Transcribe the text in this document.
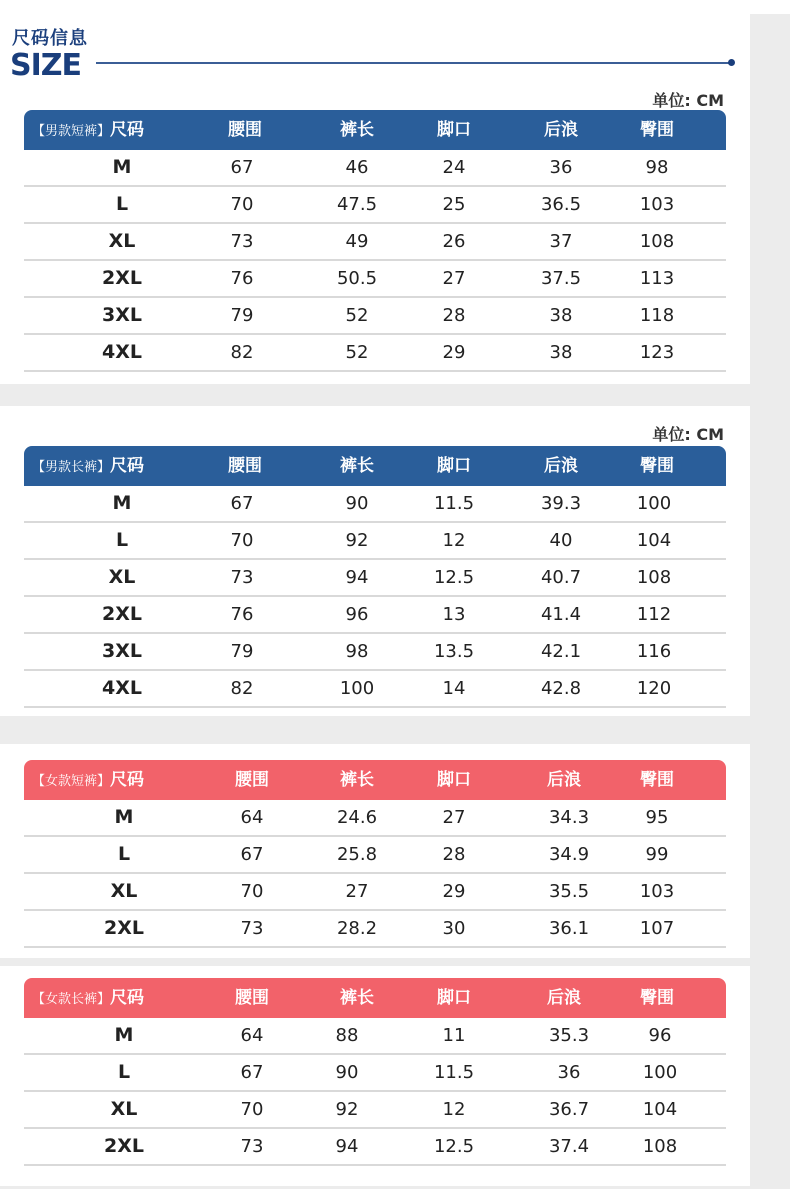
尺码信息
SIZE
单位: CM
【男款短裤】尺码	腰围	裤长	脚口	后浪	臀围
M	67	46	24	36	98
L	70	47.5	25	36.5	103
XL	73	49	26	37	108
2XL	76	50.5	27	37.5	113
3XL	79	52	28	38	118
4XL	82	52	29	38	123
单位: CM
【男款长裤】尺码	腰围	裤长	脚口	后浪	臀围
M	67	90	11.5	39.3	100
L	70	92	12	40	104
XL	73	94	12.5	40.7	108
2XL	76	96	13	41.4	112
3XL	79	98	13.5	42.1	116
4XL	82	100	14	42.8	120
【女款短裤】尺码	腰围	裤长	脚口	后浪	臀围
M	64	24.6	27	34.3	95
L	67	25.8	28	34.9	99
XL	70	27	29	35.5	103
2XL	73	28.2	30	36.1	107
【女款长裤】尺码	腰围	裤长	脚口	后浪	臀围
M	64	88	11	35.3	96
L	67	90	11.5	36	100
XL	70	92	12	36.7	104
2XL	73	94	12.5	37.4	108
